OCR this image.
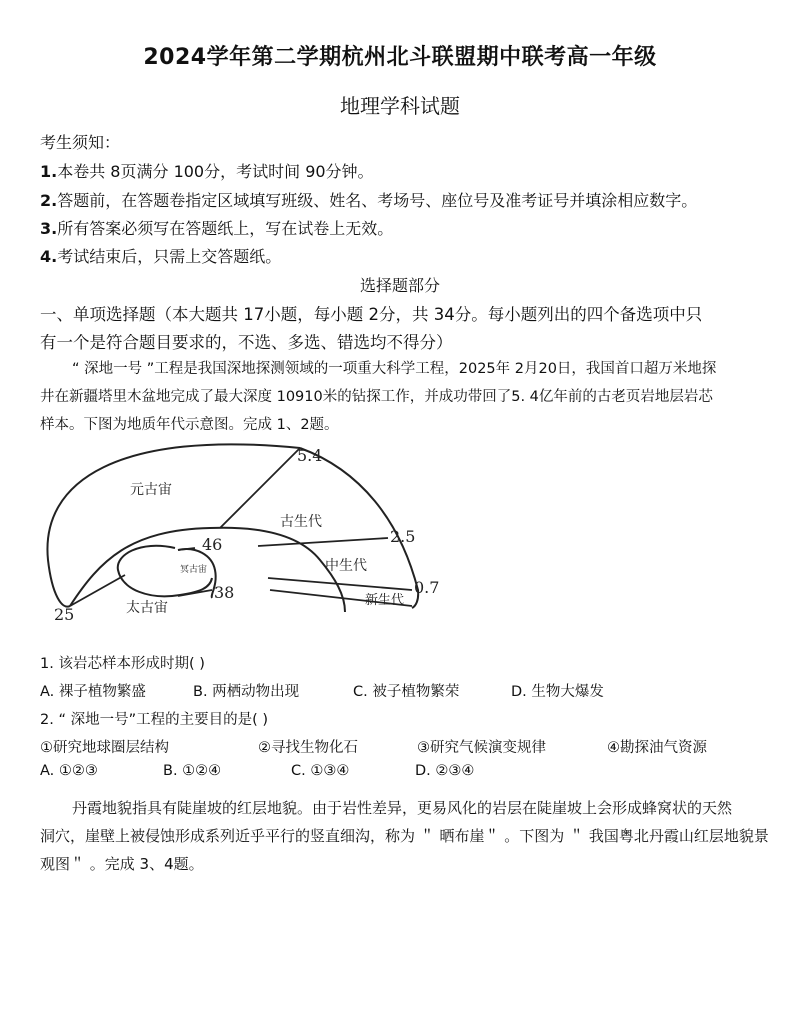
2024学年第二学期杭州北斗联盟期中联考高一年级
地理学科试题
考生须知：
1.本卷共 8页满分 100分，考试时间 90分钟。
2.答题前，在答题卷指定区域填写班级、姓名、考场号、座位号及准考证号并填涂相应数字。
3.所有答案必须写在答题纸上，写在试卷上无效。
4.考试结束后，只需上交答题纸。
选择题部分
一、单项选择题（本大题共 17小题，每小题 2分，共 34分。每小题列出的四个备选项中只
有一个是符合题目要求的，不选、多选、错选均不得分）
“ 深地一号 ”工程是我国深地探测领域的一项重大科学工程，2025年 2月20日，我国首口超万米地探
井在新疆塔里木盆地完成了最大深度 10910米的钻探工作，并成功带回了5. 4亿年前的古老页岩地层岩芯
样本。下图为地质年代示意图。完成 1、2题。
元古宙
古生代
中生代
新生代
太古宙
冥古宙
5.4
2.5
0.7
46
38
25
1. 该岩芯样本形成时期( )
A. 裸子植物繁盛	B. 两栖动物出现	C. 被子植物繁荣	D. 生物大爆发
2. “ 深地一号”工程的主要目的是( )
①研究地球圈层结构	②寻找生物化石	③研究气候演变规律	④勘探油气资源
A. ①②③	B. ①②④	C. ①③④	D. ②③④
丹霞地貌指具有陡崖坡的红层地貌。由于岩性差异，更易风化的岩层在陡崖坡上会形成蜂窝状的天然
洞穴，崖壁上被侵蚀形成系列近乎平行的竖直细沟，称为 ＂ 晒布崖＂ 。下图为 ＂ 我国粤北丹霞山红层地貌景
观图＂ 。完成 3、4题。
